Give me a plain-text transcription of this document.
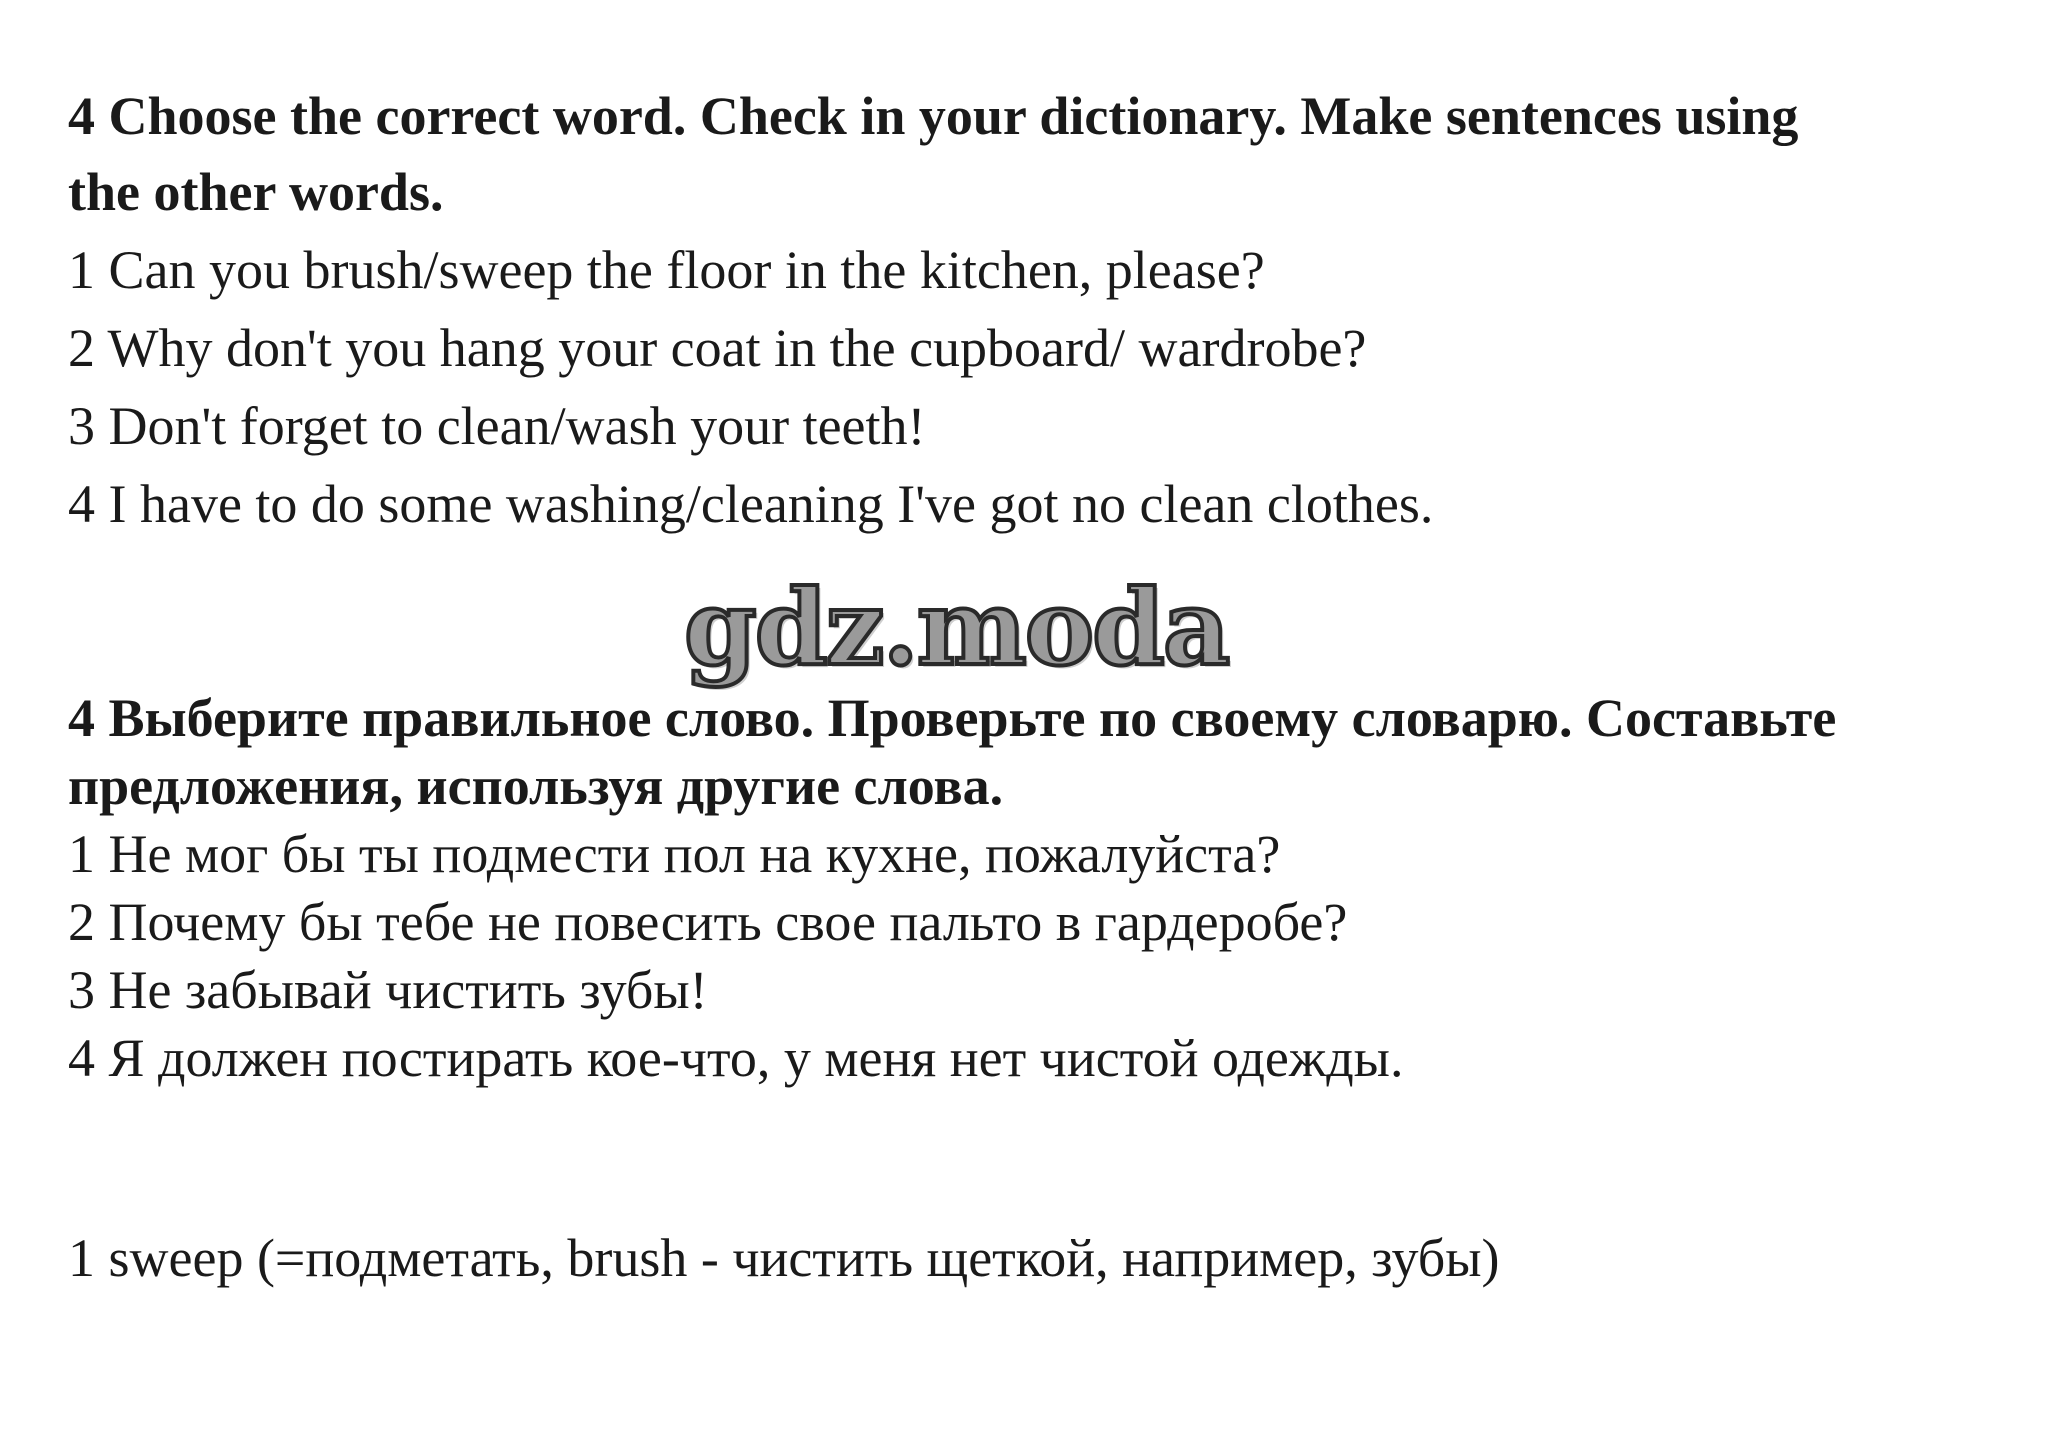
4 Choose the correct word. Check in your dictionary. Make sentences using
the other words.
1 Can you brush/sweep the floor in the kitchen, please?
2 Why don't you hang your coat in the cupboard/ wardrobe?
3 Don't forget to clean/wash your teeth!
4 I have to do some washing/cleaning I've got no clean clothes.
gdz.moda
4 Выберите правильное слово. Проверьте по своему словарю. Составьте
предложения, используя другие слова.
1 Не мог бы ты подмести пол на кухне, пожалуйста?
2 Почему бы тебе не повесить свое пальто в гардеробе?
3 Не забывай чистить зубы!
4 Я должен постирать кое-что, у меня нет чистой одежды.
1 sweep (=подметать, brush - чистить щеткой, например, зубы)
